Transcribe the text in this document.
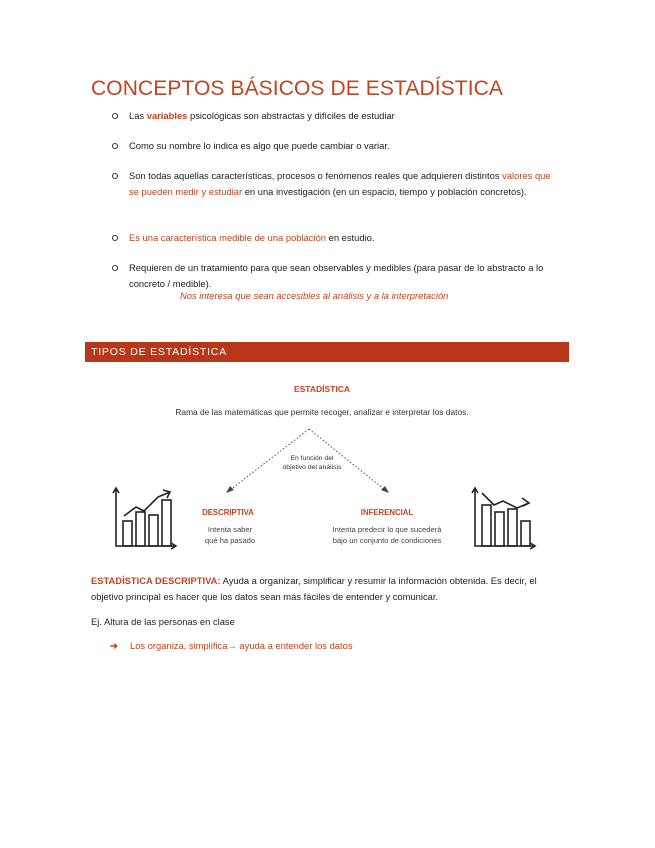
CONCEPTOS BÁSICOS DE ESTADÍSTICA
Las variables psicológicas son abstractas y difíciles de estudiar
Como su nombre lo indica es algo que puede cambiar o variar.
Son todas aquellas características, procesos o fenómenos reales que adquieren distintos valores que se pueden medir y estudiar en una investigación (en un espacio, tiempo y población concretos).
Es una característica medible de una población en estudio.
Requieren de un tratamiento para que sean observables y medibles (para pasar de lo abstracto a lo concreto / medible).
Nos interesa que sean accesibles al análisis y a la interpretación
TIPOS DE ESTADÍSTICA
ESTADÍSTICA
Rama de las matemáticas que permite recoger, analizar e interpretar los datos.
En función del
objetivo del análisis
DESCRIPTIVA
Intenta saber
qué ha pasado
INFERENCIAL
Intenta predecir lo que sucederá
bajo un conjunto de condiciones
ESTADÍSTICA DESCRIPTIVA: Ayuda a organizar, simplificar y resumir la información obtenida. Es decir, el objetivo principal es hacer que los datos sean más fáciles de entender y comunicar.
Ej. Altura de las personas en clase
➔ Los organiza, simplifica→ ayuda a entender los datos
